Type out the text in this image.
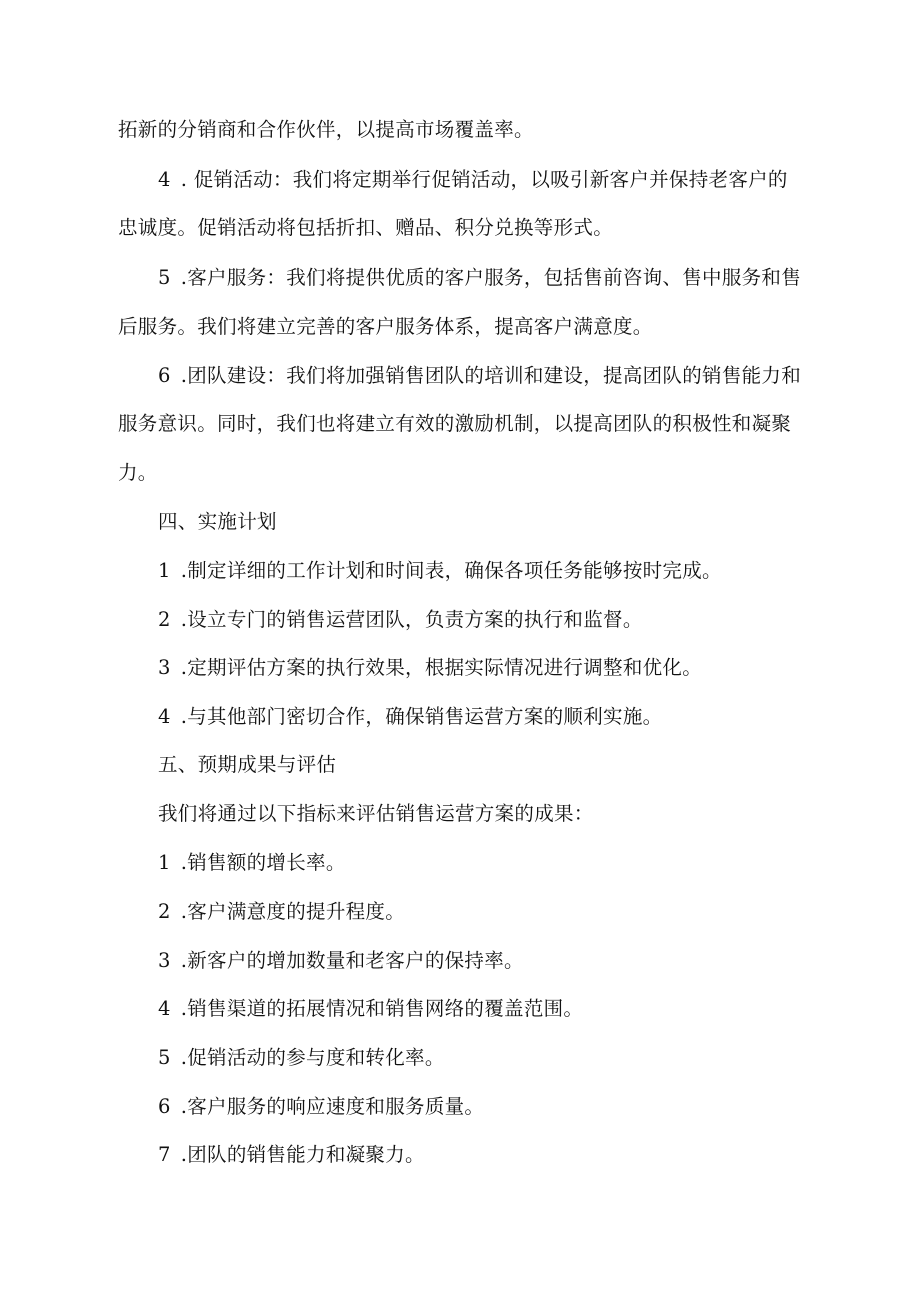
拓新的分销商和合作伙伴，以提高市场覆盖率。
4 . 促销活动：我们将定期举行促销活动，以吸引新客户并保持老客户的
忠诚度。促销活动将包括折扣、赠品、积分兑换等形式。
5 .客户服务：我们将提供优质的客户服务，包括售前咨询、售中服务和售
后服务。我们将建立完善的客户服务体系，提高客户满意度。
6 .团队建设：我们将加强销售团队的培训和建设，提高团队的销售能力和
服务意识。同时，我们也将建立有效的激励机制，以提高团队的积极性和凝聚
力。
四、实施计划
1 .制定详细的工作计划和时间表，确保各项任务能够按时完成。
2 .设立专门的销售运营团队，负责方案的执行和监督。
3 .定期评估方案的执行效果，根据实际情况进行调整和优化。
4 .与其他部门密切合作，确保销售运营方案的顺利实施。
五、预期成果与评估
我们将通过以下指标来评估销售运营方案的成果：
1 .销售额的增长率。
2 .客户满意度的提升程度。
3 .新客户的增加数量和老客户的保持率。
4 .销售渠道的拓展情况和销售网络的覆盖范围。
5 .促销活动的参与度和转化率。
6 .客户服务的响应速度和服务质量。
7 .团队的销售能力和凝聚力。
